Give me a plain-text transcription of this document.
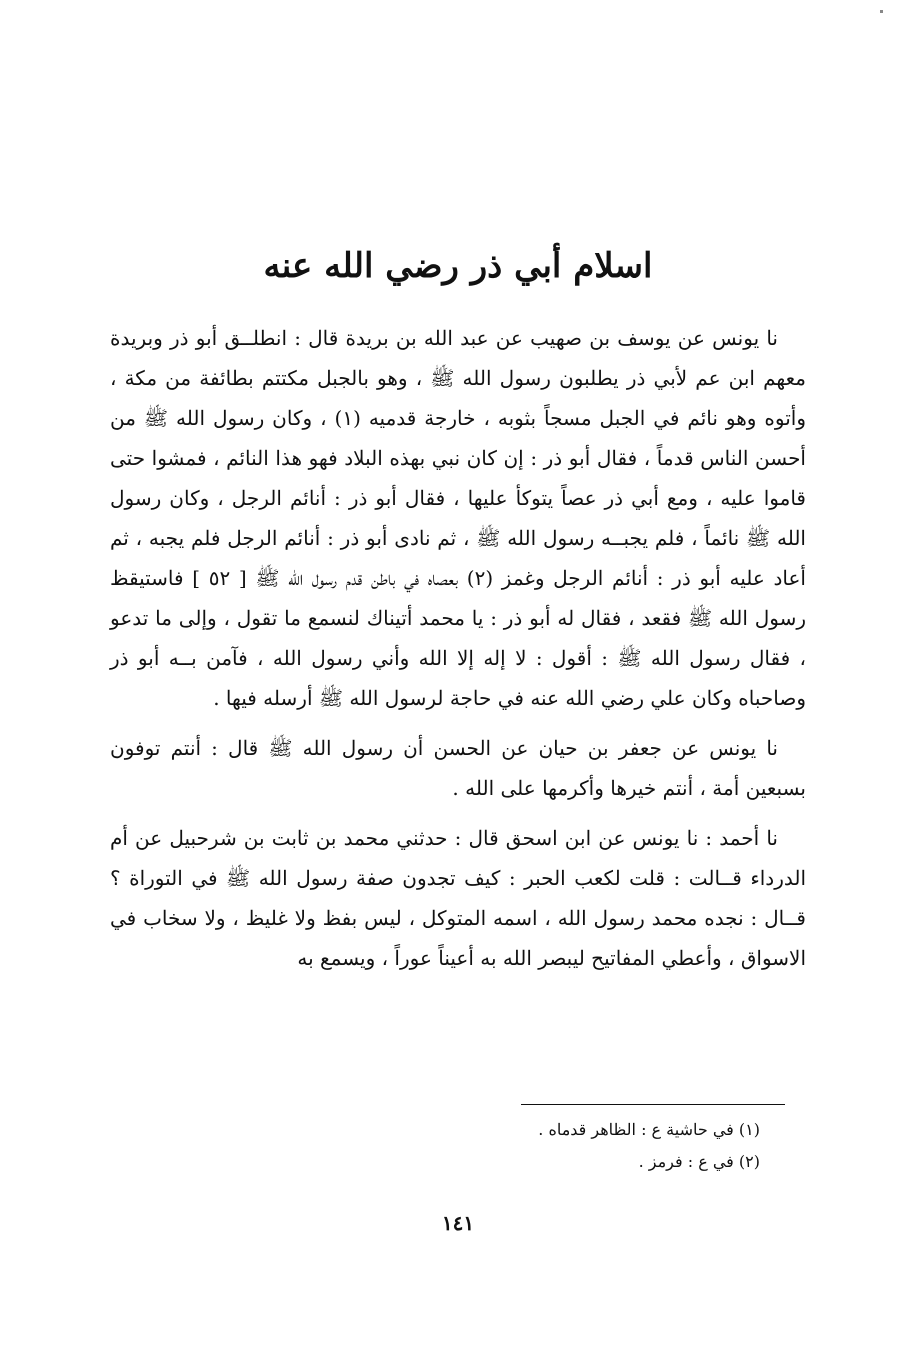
اسلام أبي ذر رضي الله عنه

نا يونس عن يوسف بن صهيب عن عبد الله بن بريدة قال : انطلــق أبو ذر وبريدة معهم ابن عم لأبي ذر يطلبون رسول الله ﷺ ، وهو بالجبل مكتتم بطائفة من مكة ، وأتوه وهو نائم في الجبل مسجاً بثوبه ، خارجة قدميه (١) ، وكان رسول الله ﷺ من أحسن الناس قدماً ، فقال أبو ذر : إن كان نبي بهذه البلاد فهو هذا النائم ، فمشوا حتى قاموا عليه ، ومع أبي ذر عصاً يتوكأ عليها ، فقال أبو ذر : أنائم الرجل ، وكان رسول الله ﷺ نائماً ، فلم يجبــه رسول الله ﷺ ، ثم نادى أبو ذر : أنائم الرجل فلم يجبه ، ثم أعاد عليه أبو ذر : أنائم الرجل وغمز (٢) بعصاه في باطن قدم رسول الله ﷺ [ ٥٢ ] فاستيقظ رسول الله ﷺ فقعد ، فقال له أبو ذر : يا محمد أتيناك لنسمع ما تقول ، وإلى ما تدعو ، فقال رسول الله ﷺ : أقول : لا إله إلا الله وأني رسول الله ، فآمن بــه أبو ذر وصاحباه وكان علي رضي الله عنه في حاجة لرسول الله ﷺ أرسله فيها .

نا يونس عن جعفر بن حيان عن الحسن أن رسول الله ﷺ قال : أنتم توفون بسبعين أمة ، أنتم خيرها وأكرمها على الله .

نا أحمد : نا يونس عن ابن اسحق قال : حدثني محمد بن ثابت بن شرحبيل عن أم الدرداء قــالت : قلت لكعب الحبر : كيف تجدون صفة رسول الله ﷺ في التوراة ؟ قــال : نجده محمد رسول الله ، اسمه المتوكل ، ليس بفظ ولا غليظ ، ولا سخاب في الاسواق ، وأعطي المفاتيح ليبصر الله به أعيناً عوراً ، ويسمع به

(١) في حاشية ع : الظاهر قدماه .
(٢) في ع : فرمز .
١٤١
